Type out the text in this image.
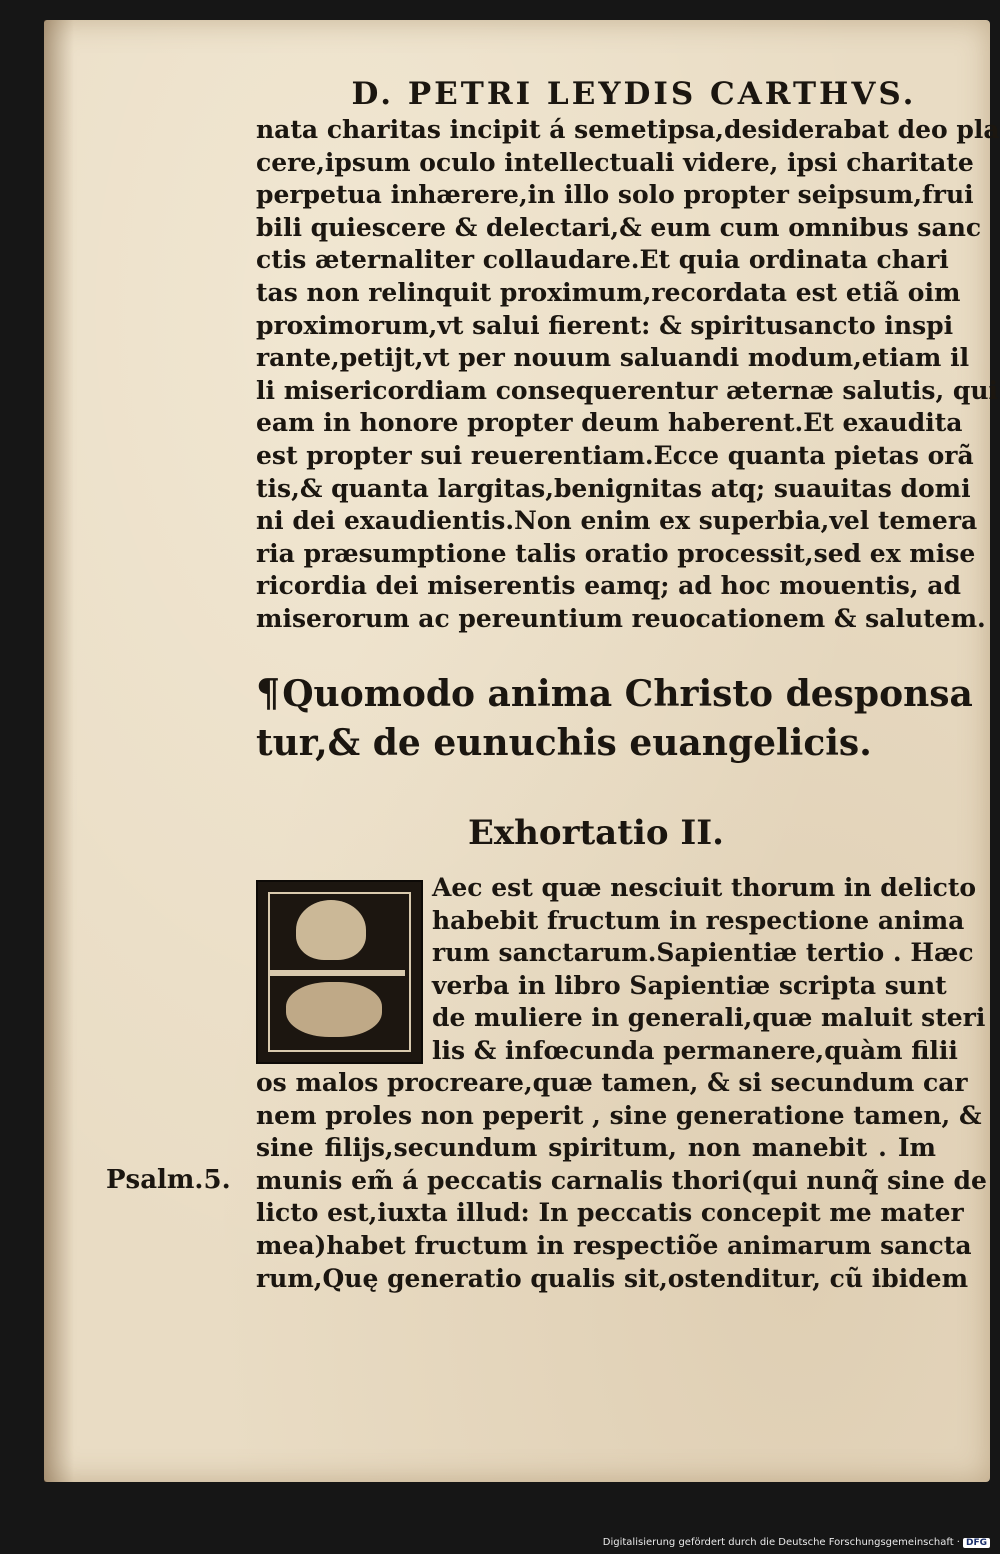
D. PETRI LEYDIS CARTHVS.
nata charitas incipit á semetipsa,desiderabat deo pla
cere,ipsum oculo intellectuali videre, ipsi charitate
perpetua inhærere,in illo solo propter seipsum,frui
bili quiescere & delectari,& eum cum omnibus sanc
ctis æternaliter collaudare.Et quia ordinata chari
tas non relinquit proximum,recordata est etiã oim
proximorum,vt salui fierent: & spiritusancto inspi
rante,petijt,vt per nouum saluandi modum,etiam il
li misericordiam consequerentur æternæ salutis, qui
eam in honore propter deum haberent.Et exaudita
est propter sui reuerentiam.Ecce quanta pietas orã
tis,& quanta largitas,benignitas atq; suauitas domi
ni dei exaudientis.Non enim ex superbia,vel temera
ria præsumptione talis oratio processit,sed ex mise
ricordia dei miserentis eamq; ad hoc mouentis, ad
miserorum ac pereuntium reuocationem & salutem.
¶Quomodo anima Christo desponsa
tur,& de eunuchis euangelicis.
Exhortatio II.
Aec est quæ nesciuit thorum in delicto
habebit fructum in respectione anima
rum sanctarum.Sapientiæ tertio . Hæc
verba in libro Sapientiæ scripta sunt
de muliere in generali,quæ maluit steri
lis & infœcunda permanere,quàm filii
os malos procreare,quæ tamen, & si secundum car
nem proles non peperit , sine generatione tamen, &
sine filijs,secundum spiritum, non manebit . Im
munis em̃ á peccatis carnalis thori(qui nunq̃ sine de
licto est,iuxta illud: In peccatis concepit me mater
mea)habet fructum in respectiõe animarum sancta
rum,Quę generatio qualis sit,ostenditur, cũ ibidem
Psalm.5.
Digitalisierung gefördert durch die Deutsche Forschungsgemeinschaft · DFG
